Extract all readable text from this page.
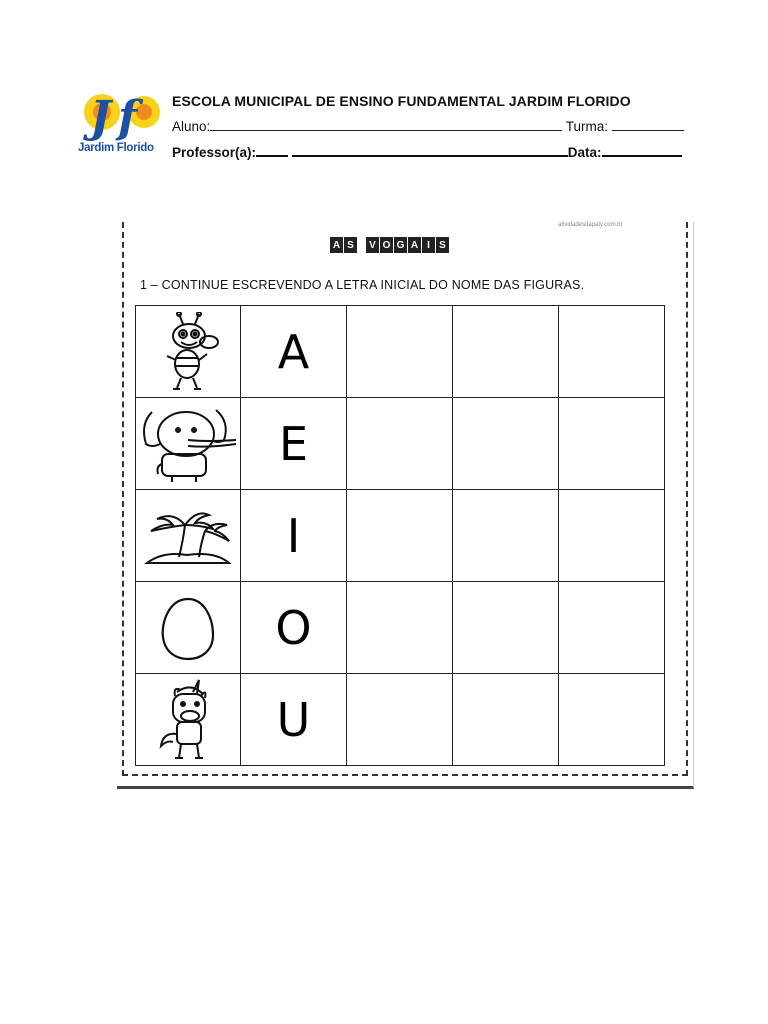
J f
Jardim Florido
ESCOLA MUNICIPAL DE ENSINO FUNDAMENTAL JARDIM FLORIDO
Aluno:	Turma:
Professor(a):	Data:
atividadesdapaty.com.br
A S	V O G A I S
1 – CONTINUE ESCREVENDO A LETRA INICIAL DO NOME DAS FIGURAS.
	A			

	E			

	I			

	O			

	U			
